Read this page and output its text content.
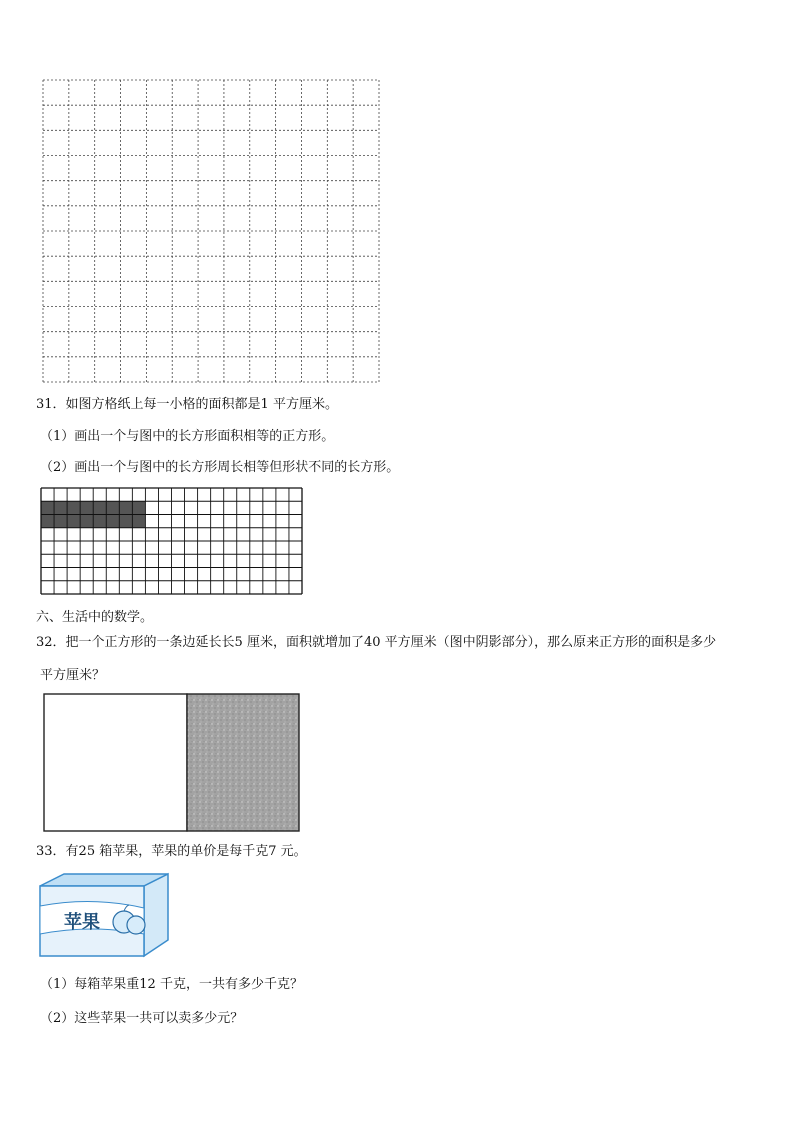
31．如图方格纸上每一小格的面积都是1 平方厘米。
（1）画出一个与图中的长方形面积相等的正方形。
（2）画出一个与图中的长方形周长相等但形状不同的长方形。
六、生活中的数学。
32．把一个正方形的一条边延长长5 厘米，面积就增加了40 平方厘米（图中阴影部分），那么原来正方形的面积是多少
平方厘米？
33．有25 箱苹果，苹果的单价是每千克7 元。
苹果
（1）每箱苹果重12 千克，一共有多少千克？
（2）这些苹果一共可以卖多少元？
